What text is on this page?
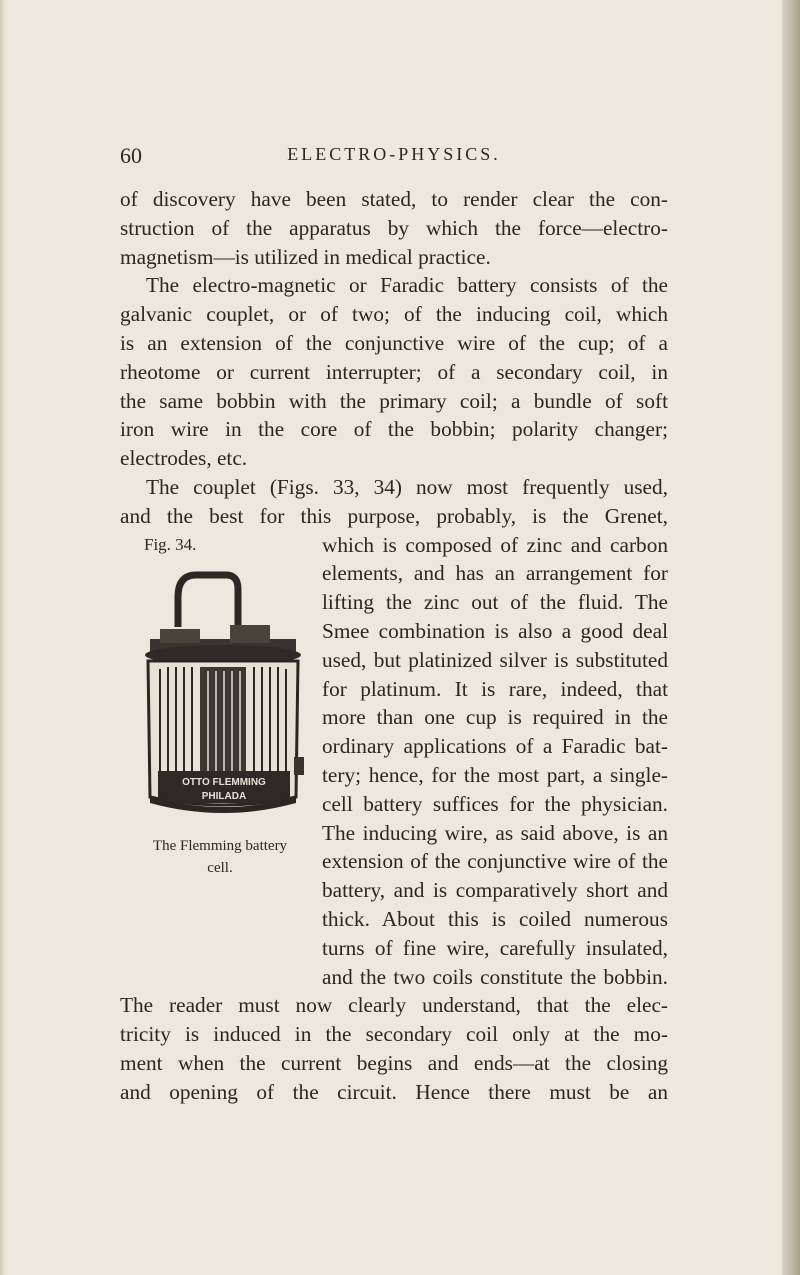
60	ELECTRO-PHYSICS.
of discovery have been stated, to render clear the con-
struction of the apparatus by which the force—electro-
magnetism—is utilized in medical practice.
The electro-magnetic or Faradic battery consists of the
galvanic couplet, or of two; of the inducing coil, which
is an extension of the conjunctive wire of the cup; of a
rheotome or current interrupter; of a secondary coil, in
the same bobbin with the primary coil; a bundle of soft
iron wire in the core of the bobbin; polarity changer;
electrodes, etc.
The couplet (Figs. 33, 34) now most frequently used,
and the best for this purpose, probably, is the Grenet,
which is composed of zinc and carbon
elements, and has an arrangement for
lifting the zinc out of the fluid. The
Smee combination is also a good deal
used, but platinized silver is substituted
for platinum. It is rare, indeed, that
more than one cup is required in the
ordinary applications of a Faradic bat-
tery; hence, for the most part, a single-
cell battery suffices for the physician.
The inducing wire, as said above, is an
extension of the conjunctive wire of the
battery, and is comparatively short and
thick. About this is coiled numerous
turns of fine wire, carefully insulated,
and the two coils constitute the bobbin.
The reader must now clearly understand, that the elec-
tricity is induced in the secondary coil only at the mo-
ment when the current begins and ends—at the closing
and opening of the circuit. Hence there must be an
Fig. 34.
OTTO FLEMMING
PHILADA
The Flemming battery
cell.
